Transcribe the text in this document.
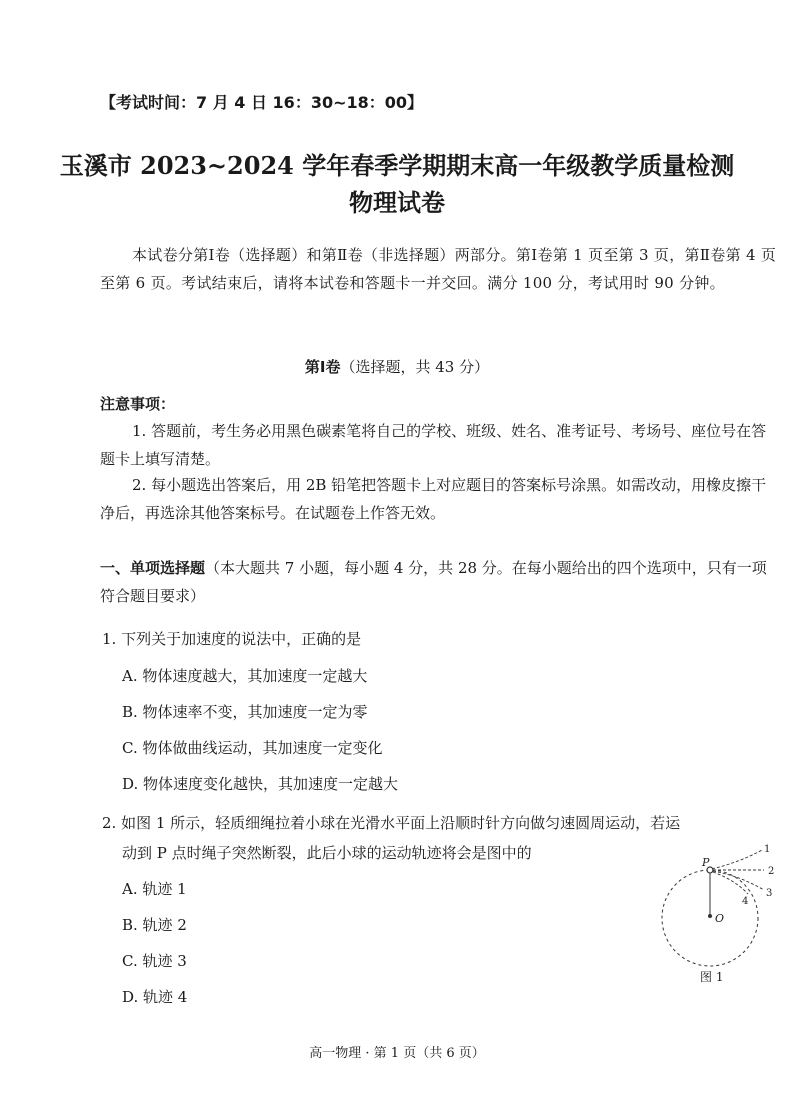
【考试时间：7 月 4 日 16：30~18：00】
玉溪市 2023~2024 学年春季学期期末高一年级教学质量检测
物理试卷
本试卷分第Ⅰ卷（选择题）和第Ⅱ卷（非选择题）两部分。第Ⅰ卷第 1 页至第 3 页，第Ⅱ卷第 4 页至第 6 页。考试结束后，请将本试卷和答题卡一并交回。满分 100 分，考试用时 90 分钟。
第Ⅰ卷（选择题，共 43 分）
注意事项：
1. 答题前，考生务必用黑色碳素笔将自己的学校、班级、姓名、准考证号、考场号、座位号在答题卡上填写清楚。
2. 每小题选出答案后，用 2B 铅笔把答题卡上对应题目的答案标号涂黑。如需改动，用橡皮擦干净后，再选涂其他答案标号。在试题卷上作答无效。
一、单项选择题（本大题共 7 小题，每小题 4 分，共 28 分。在每小题给出的四个选项中，只有一项符合题目要求）
1. 下列关于加速度的说法中，正确的是
A. 物体速度越大，其加速度一定越大
B. 物体速率不变，其加速度一定为零
C. 物体做曲线运动，其加速度一定变化
D. 物体速度变化越快，其加速度一定越大
2. 如图 1 所示，轻质细绳拉着小球在光滑水平面上沿顺时针方向做匀速圆周运动，若运
动到 P 点时绳子突然断裂，此后小球的运动轨迹将会是图中的
A. 轨迹 1
B. 轨迹 2
C. 轨迹 3
D. 轨迹 4
P
O
1
2
3
4
图 1
高一物理 · 第 1 页（共 6 页）
